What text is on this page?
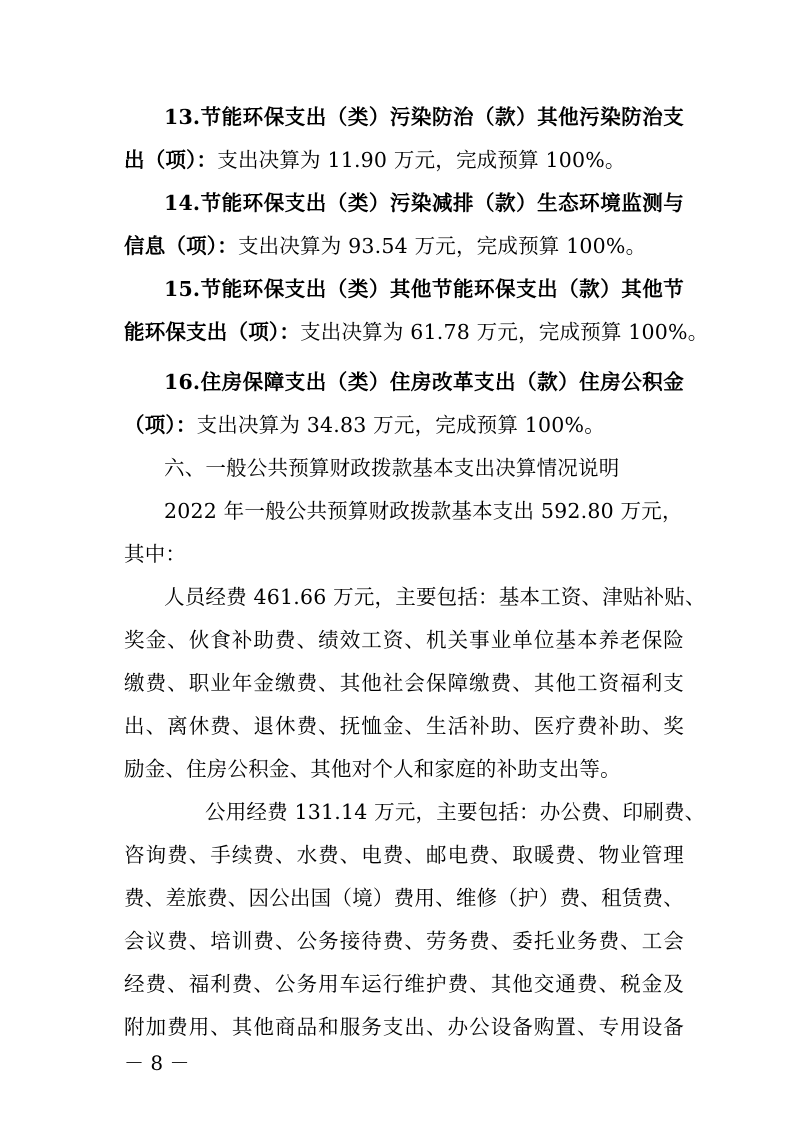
13.节能环保支出（类）污染防治（款）其他污染防治支
出（项）：支出决算为 11.90 万元，完成预算 100%。
14.节能环保支出（类）污染减排（款）生态环境监测与
信息（项）：支出决算为 93.54 万元，完成预算 100%。
15.节能环保支出（类）其他节能环保支出（款）其他节
能环保支出（项）：支出决算为 61.78 万元，完成预算 100%。
16.住房保障支出（类）住房改革支出（款）住房公积金
（项）：支出决算为 34.83 万元，完成预算 100%。
六、一般公共预算财政拨款基本支出决算情况说明
2022 年一般公共预算财政拨款基本支出 592.80 万元，
其中：
人员经费 461.66 万元，主要包括：基本工资、津贴补贴、
奖金、伙食补助费、绩效工资、机关事业单位基本养老保险
缴费、职业年金缴费、其他社会保障缴费、其他工资福利支
出、离休费、退休费、抚恤金、生活补助、医疗费补助、奖
励金、住房公积金、其他对个人和家庭的补助支出等。
公用经费 131.14 万元，主要包括：办公费、印刷费、
咨询费、手续费、水费、电费、邮电费、取暖费、物业管理
费、差旅费、因公出国（境）费用、维修（护）费、租赁费、
会议费、培训费、公务接待费、劳务费、委托业务费、工会
经费、福利费、公务用车运行维护费、其他交通费、税金及
附加费用、其他商品和服务支出、办公设备购置、专用设备
－ 8 －
